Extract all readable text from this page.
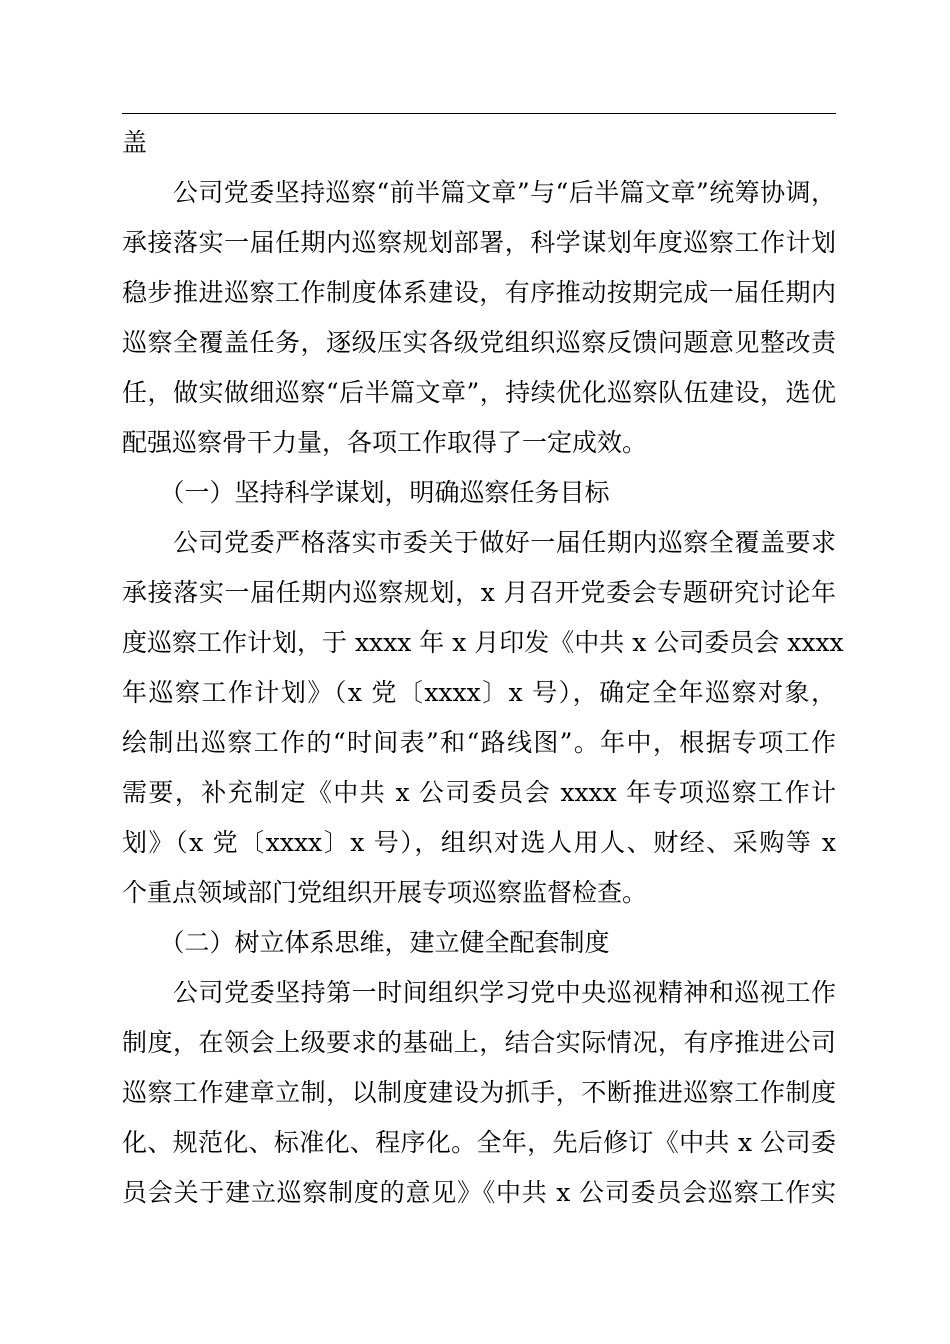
盖
　　公司党委坚持巡察“前半篇文章”与“后半篇文章”统筹协调，
承接落实一届任期内巡察规划部署，科学谋划年度巡察工作计划
稳步推进巡察工作制度体系建设，有序推动按期完成一届任期内
巡察全覆盖任务，逐级压实各级党组织巡察反馈问题意见整改责
任，做实做细巡察“后半篇文章”，持续优化巡察队伍建设，选优
配强巡察骨干力量，各项工作取得了一定成效。
　　（一）坚持科学谋划，明确巡察任务目标
　　公司党委严格落实市委关于做好一届任期内巡察全覆盖要求
承接落实一届任期内巡察规划，x 月召开党委会专题研究讨论年
度巡察工作计划，于 xxxx 年 x 月印发《中共 x 公司委员会 xxxx
年巡察工作计划》（x 党〔xxxx〕x 号），确定全年巡察对象，
绘制出巡察工作的“时间表”和“路线图”。年中，根据专项工作
需要，补充制定《中共 x 公司委员会 xxxx 年专项巡察工作计
划》（x 党〔xxxx〕x 号），组织对选人用人、财经、采购等 x
个重点领域部门党组织开展专项巡察监督检查。
　　（二）树立体系思维，建立健全配套制度
　　公司党委坚持第一时间组织学习党中央巡视精神和巡视工作
制度，在领会上级要求的基础上，结合实际情况，有序推进公司
巡察工作建章立制，以制度建设为抓手，不断推进巡察工作制度
化、规范化、标准化、程序化。全年，先后修订《中共 x 公司委
员会关于建立巡察制度的意见》《中共 x 公司委员会巡察工作实
